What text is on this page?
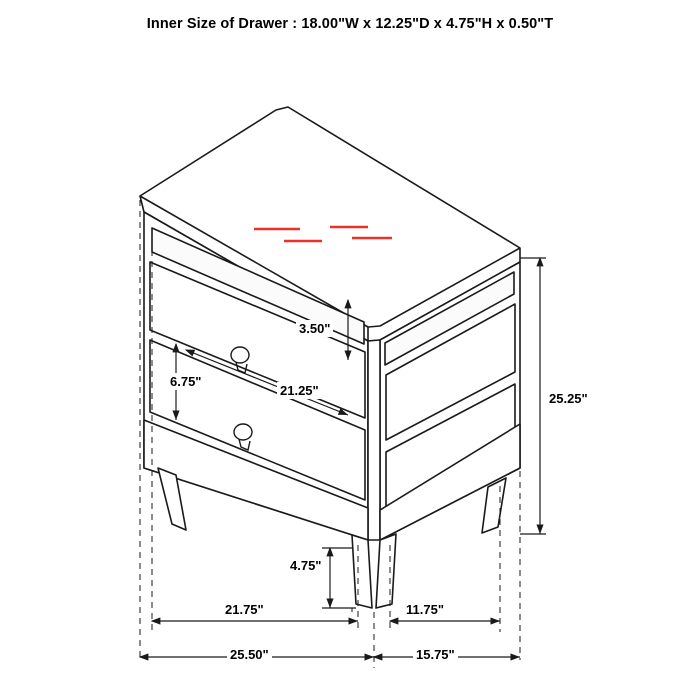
Inner Size of Drawer : 18.00"W x 12.25"D x 4.75"H x 0.50"T
3.50"
6.75"
21.25"
25.25"
4.75"
21.75"	11.75"
25.50"	15.75"
